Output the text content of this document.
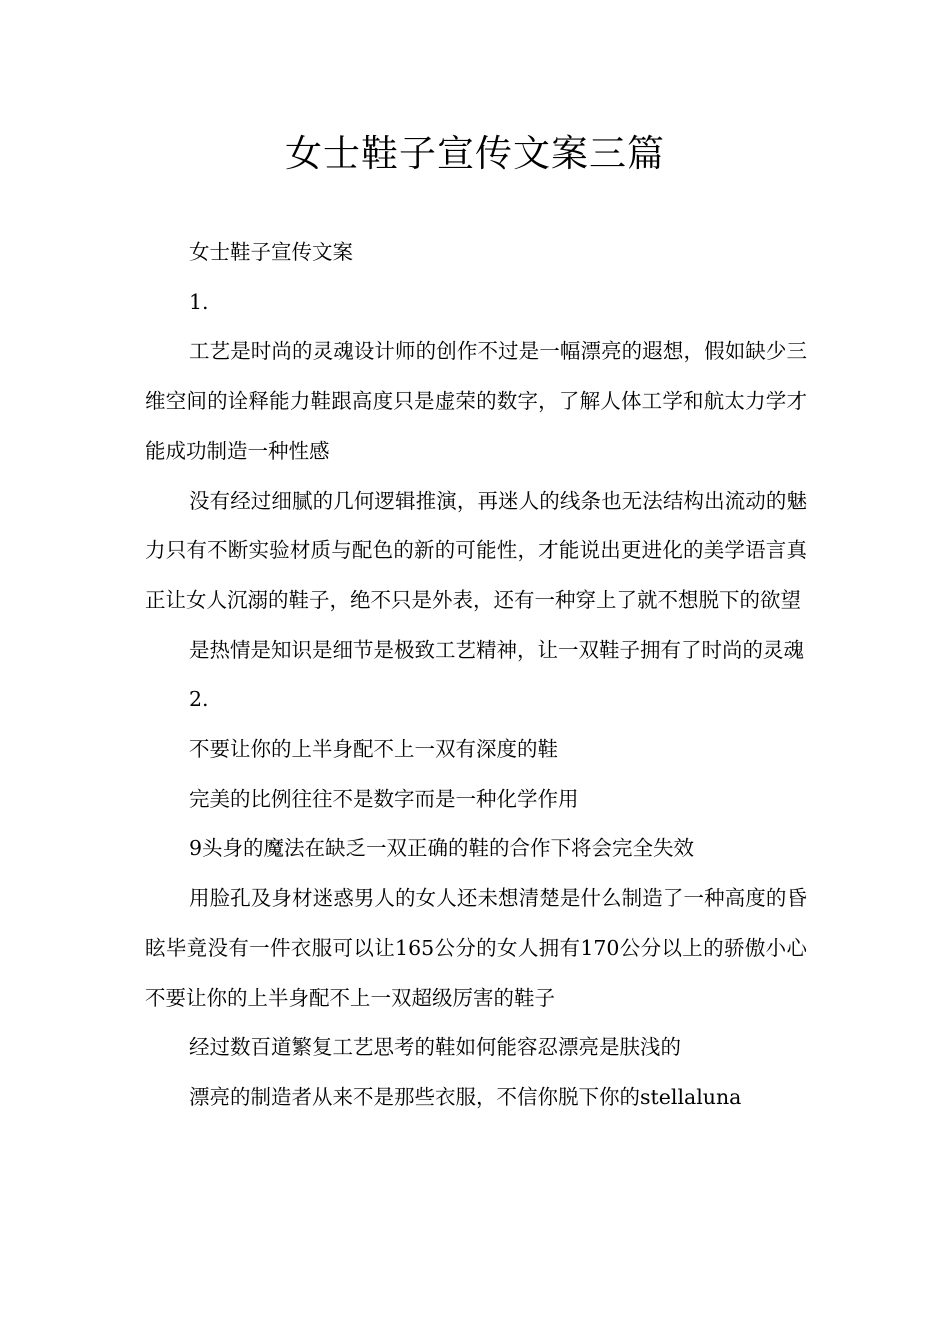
女士鞋子宣传文案三篇

女士鞋子宣传文案

1.

工艺是时尚的灵魂设计师的创作不过是一幅漂亮的遐想，假如缺少三维空间的诠释能力鞋跟高度只是虚荣的数字，了解人体工学和航太力学才能成功制造一种性感

没有经过细腻的几何逻辑推演，再迷人的线条也无法结构出流动的魅力只有不断实验材质与配色的新的可能性，才能说出更进化的美学语言真正让女人沉溺的鞋子，绝不只是外表，还有一种穿上了就不想脱下的欲望

是热情是知识是细节是极致工艺精神，让一双鞋子拥有了时尚的灵魂

2.

不要让你的上半身配不上一双有深度的鞋

完美的比例往往不是数字而是一种化学作用

9头身的魔法在缺乏一双正确的鞋的合作下将会完全失效

用脸孔及身材迷惑男人的女人还未想清楚是什么制造了一种高度的昏眩毕竟没有一件衣服可以让165公分的女人拥有170公分以上的骄傲小心不要让你的上半身配不上一双超级厉害的鞋子

经过数百道繁复工艺思考的鞋如何能容忍漂亮是肤浅的

漂亮的制造者从来不是那些衣服，不信你脱下你的stellaluna
